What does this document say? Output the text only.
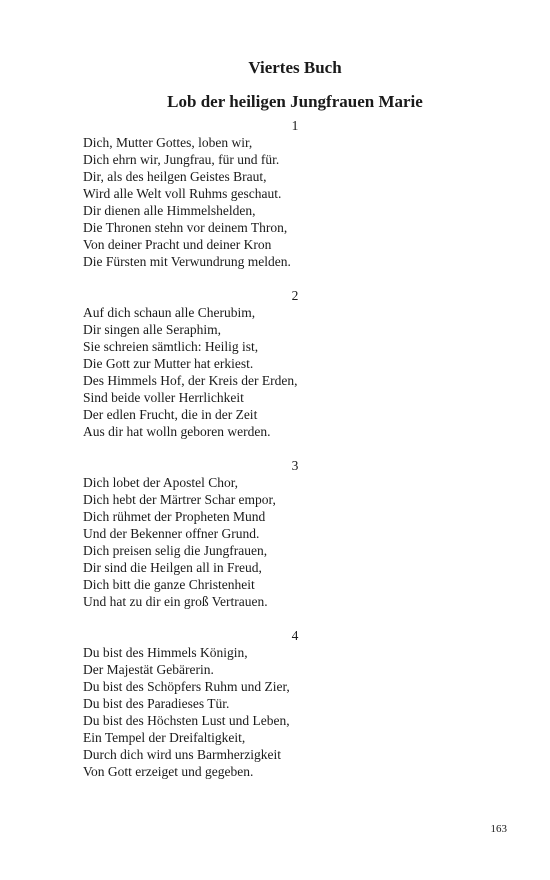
Viertes Buch
Lob der heiligen Jungfrauen Marie
1
Dich, Mutter Gottes, loben wir,
Dich ehrn wir, Jungfrau, für und für.
Dir, als des heilgen Geistes Braut,
Wird alle Welt voll Ruhms geschaut.
Dir dienen alle Himmelshelden,
Die Thronen stehn vor deinem Thron,
Von deiner Pracht und deiner Kron
Die Fürsten mit Verwundrung melden.
2
Auf dich schaun alle Cherubim,
Dir singen alle Seraphim,
Sie schreien sämtlich: Heilig ist,
Die Gott zur Mutter hat erkiest.
Des Himmels Hof, der Kreis der Erden,
Sind beide voller Herrlichkeit
Der edlen Frucht, die in der Zeit
Aus dir hat wolln geboren werden.
3
Dich lobet der Apostel Chor,
Dich hebt der Märtrer Schar empor,
Dich rühmet der Propheten Mund
Und der Bekenner offner Grund.
Dich preisen selig die Jungfrauen,
Dir sind die Heilgen all in Freud,
Dich bitt die ganze Christenheit
Und hat zu dir ein groß Vertrauen.
4
Du bist des Himmels Königin,
Der Majestät Gebärerin.
Du bist des Schöpfers Ruhm und Zier,
Du bist des Paradieses Tür.
Du bist des Höchsten Lust und Leben,
Ein Tempel der Dreifaltigkeit,
Durch dich wird uns Barmherzigkeit
Von Gott erzeiget und gegeben.
163
